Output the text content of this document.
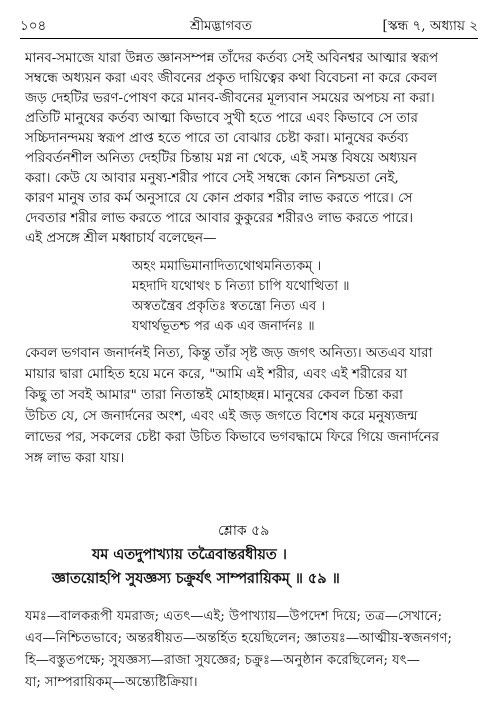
১০৪	শ্রীমদ্ভাগবত	[স্কন্ধ ৭, অধ্যায় ২
মানব-সমাজে যারা উন্নত জ্ঞানসম্পন্ন তাঁদের কর্তব্য সেই অবিনশ্বর আত্মার স্বরূপ
সম্বন্ধে অধ্যয়ন করা এবং জীবনের প্রকৃত দায়িত্বের কথা বিবেচনা না করে কেবল
জড় দেহটির ভরণ-পোষণ করে মানব-জীবনের মূল্যবান সময়ের অপচয় না করা।
প্রতিটি মানুষের কর্তব্য আত্মা কিভাবে সুখী হতে পারে এবং কিভাবে সে তার
সচ্চিদানন্দময় স্বরূপ প্রাপ্ত হতে পারে তা বোঝার চেষ্টা করা। মানুষের কর্তব্য
পরিবর্তনশীল অনিত্য দেহটির চিন্তায় মগ্ন না থেকে, এই সমস্ত বিষয়ে অধ্যয়ন
করা। কেউ যে আবার মনুষ্য-শরীর পাবে সেই সম্বন্ধে কোন নিশ্চয়তা নেই,
কারণ মানুষ তার কর্ম অনুসারে যে কোন প্রকার শরীর লাভ করতে পারে। সে
দেবতার শরীর লাভ করতে পারে আবার কুকুরের শরীরও লাভ করতে পারে।
এই প্রসঙ্গে শ্রীল মধ্বাচার্য বলেছেন—
অহং মমাভিমানাদিত্যথোথমনিত্যকম্ ।
মহদাদি যথোথং চ নিত্যা চাপি যথোত্থিতা ॥
অস্বতন্ত্রৈব প্রকৃতিঃ স্বতন্ত্রো নিত্য এব ।
যথার্থভূতশ্চ পর এক এব জনার্দনঃ ॥
কেবল ভগবান জনার্দনই নিত্য, কিন্তু তাঁর সৃষ্ট জড় জগৎ অনিত্য। অতএব যারা
মায়ার দ্বারা মোহিত হয়ে মনে করে, "আমি এই শরীর, এবং এই শরীরের যা
কিছু তা সবই আমার" তারা নিতান্তই মোহাচ্ছন্ন। মানুষের কেবল চিন্তা করা
উচিত যে, সে জনার্দনের অংশ, এবং এই জড় জগতে বিশেষ করে মনুষ্যজন্ম
লাভের পর, সকলের চেষ্টা করা উচিত কিভাবে ভগবদ্ধামে ফিরে গিয়ে জনার্দনের
সঙ্গ লাভ করা যায়।
শ্লোক ৫৯
যম এতদুপাখ্যায় তত্রৈবান্তরধীয়ত ।
জ্ঞাতয়োহপি সুযজ্ঞস্য চক্রুর্যৎ সাম্পরায়িকম্ ॥ ৫৯ ॥
যমঃ—বালকরূপী যমরাজ; এতৎ—এই; উপাখ্যায়—উপদেশ দিয়ে; তত্র—সেখানে;
এব—নিশ্চিতভাবে; অন্তরধীয়ত—অন্তর্হিত হয়েছিলেন; জ্ঞাতয়ঃ—আত্মীয়-স্বজনগণ;
হি—বস্তুতপক্ষে; সুযজ্ঞস্য—রাজা সুযজ্ঞের; চক্রুঃ—অনুষ্ঠান করেছিলেন; যৎ—
যা; সাম্পরায়িকম্—অন্ত্যেষ্টিক্রিয়া।
